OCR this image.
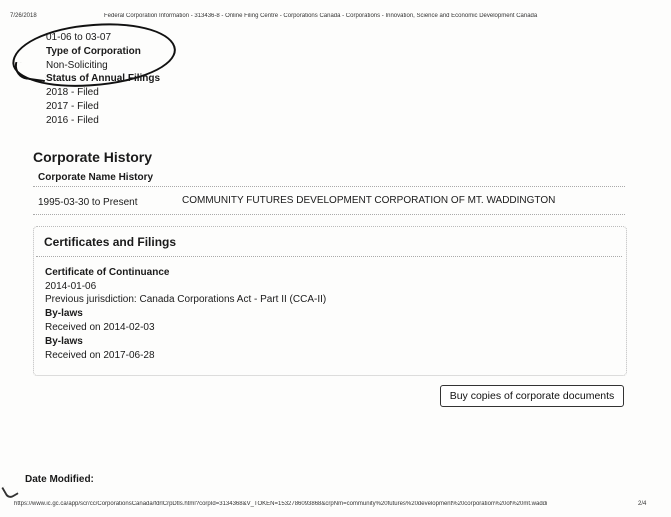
7/26/2018	Federal Corporation Information - 313436-8 - Online Filing Centre - Corporations Canada - Corporations - Innovation, Science and Economic Development Canada
01-06 to 03-07
Type of Corporation
Non-Soliciting
Status of Annual Filings
2018 - Filed
2017 - Filed
2016 - Filed
Corporate History
Corporate Name History
1995-03-30 to Present	COMMUNITY FUTURES DEVELOPMENT CORPORATION OF MT. WADDINGTON
Certificates and Filings
Certificate of Continuance
2014-01-06
Previous jurisdiction: Canada Corporations Act - Part II (CCA-II)
By-laws
Received on 2014-02-03
By-laws
Received on 2017-06-28
Buy copies of corporate documents
Date Modified:
https://www.ic.gc.ca/app/scr/cc/CorporationsCanada/fdrlCrpDtls.html?corpId=3134368&V_TOKEN=1532786093868&crpNm=community%20futures%20development%20corporation%20of%20mt.waddi	2/4
